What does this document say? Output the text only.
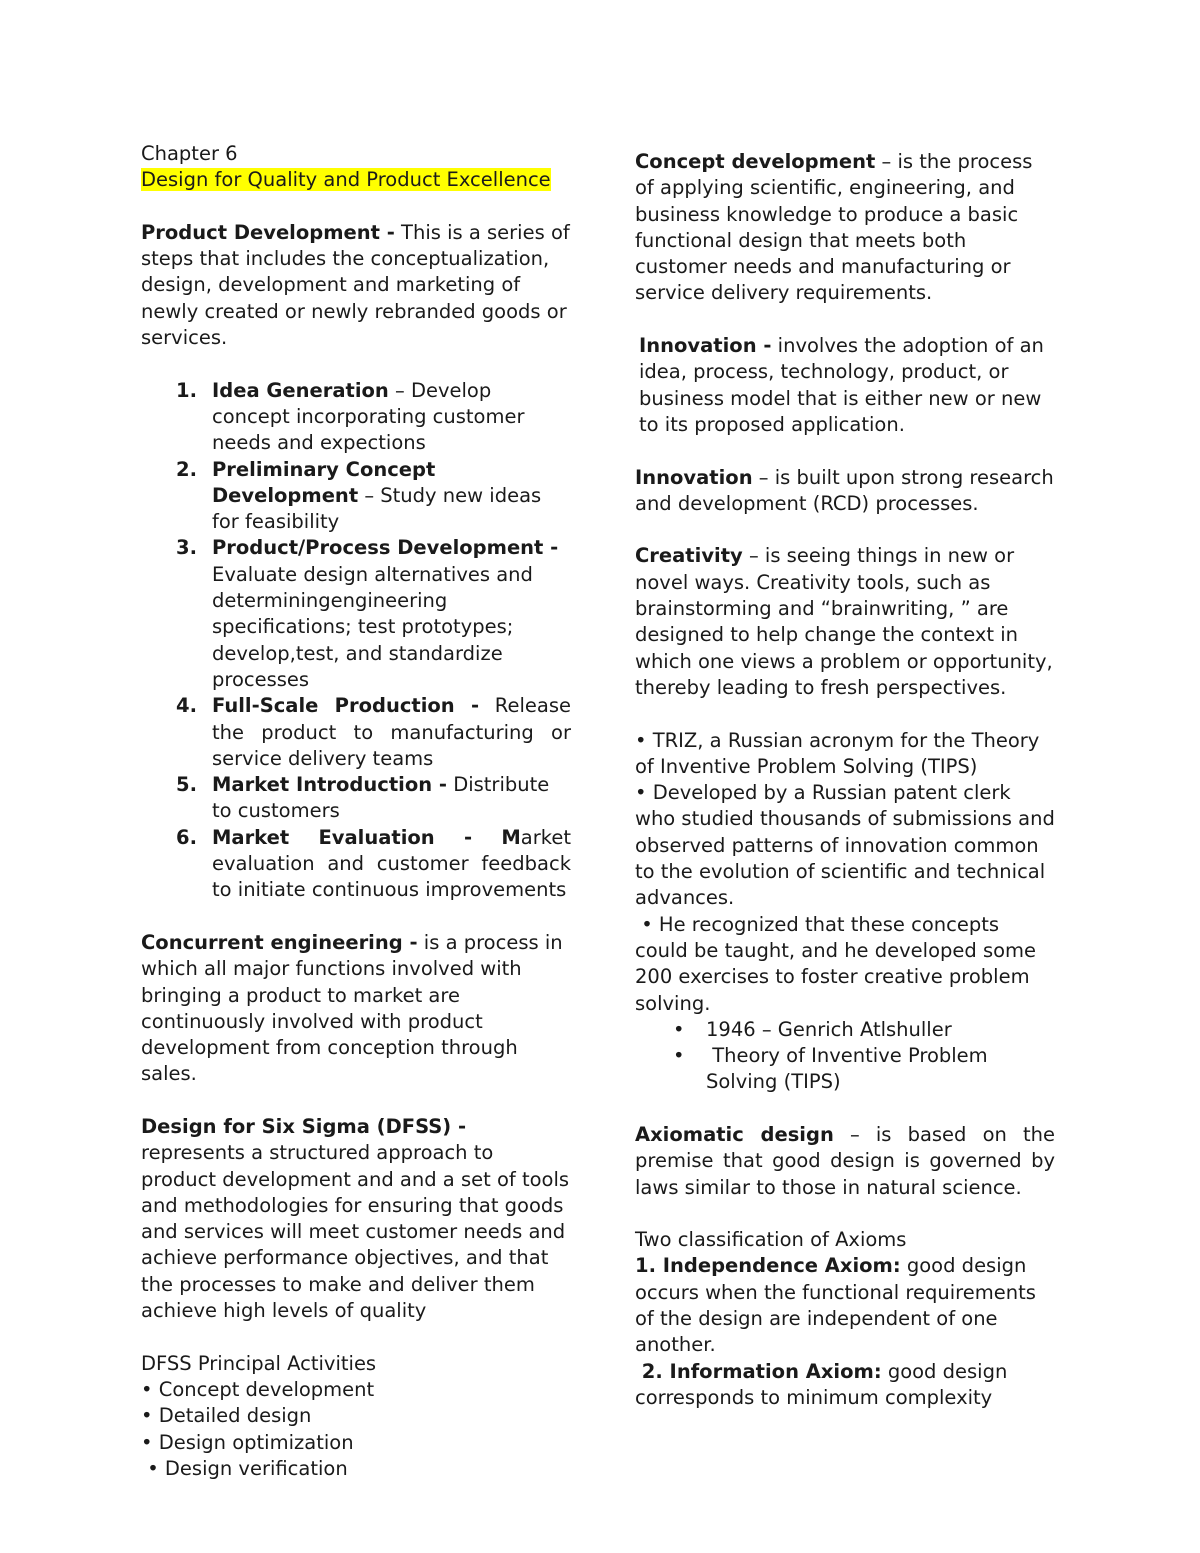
Chapter 6

Design for Quality and Product Excellence

Product Development - This is a series of steps that includes the conceptualization, design, development and marketing of newly created or newly rebranded goods or services.

1. Idea Generation – Develop concept incorporating customer needs and expections
2. Preliminary Concept Development – Study new ideas for feasibility
3. Product/Process Development - Evaluate design alternatives and determiningengineering specifications; test prototypes; develop,test, and standardize processes
4. Full-Scale Production - Release the product to manufacturing or service delivery teams
5. Market Introduction - Distribute to customers
6. Market Evaluation - Market evaluation and customer feedback to initiate continuous improvements

Concurrent engineering - is a process in which all major functions involved with bringing a product to market are continuously involved with product development from conception through sales.

Design for Six Sigma (DFSS) - represents a structured approach to product development and and a set of tools and methodologies for ensuring that goods and services will meet customer needs and achieve performance objectives, and that the processes to make and deliver them achieve high levels of quality

DFSS Principal Activities

• Concept development

• Detailed design

• Design optimization

• Design verification

Concept development – is the process of applying scientific, engineering, and business knowledge to produce a basic functional design that meets both customer needs and manufacturing or service delivery requirements.

Innovation - involves the adoption of an idea, process, technology, product, or business model that is either new or new to its proposed application.

Innovation – is built upon strong research and development (RCD) processes.

Creativity – is seeing things in new or novel ways. Creativity tools, such as brainstorming and “brainwriting, ” are designed to help change the context in which one views a problem or opportunity, thereby leading to fresh perspectives.

• TRIZ, a Russian acronym for the Theory of Inventive Problem Solving (TIPS)

• Developed by a Russian patent clerk who studied thousands of submissions and observed patterns of innovation common to the evolution of scientific and technical

advances.

• He recognized that these concepts could be taught, and he developed some 200 exercises to foster creative problem solving.

• 1946 – Genrich Atlshuller
• Theory of Inventive Problem Solving (TIPS)

Axiomatic design – is based on the premise that good design is governed by laws similar to those in natural science.

Two classification of Axioms

1. Independence Axiom: good design occurs when the functional requirements of the design are independent of one another.

2. Information Axiom: good design corresponds to minimum complexity
